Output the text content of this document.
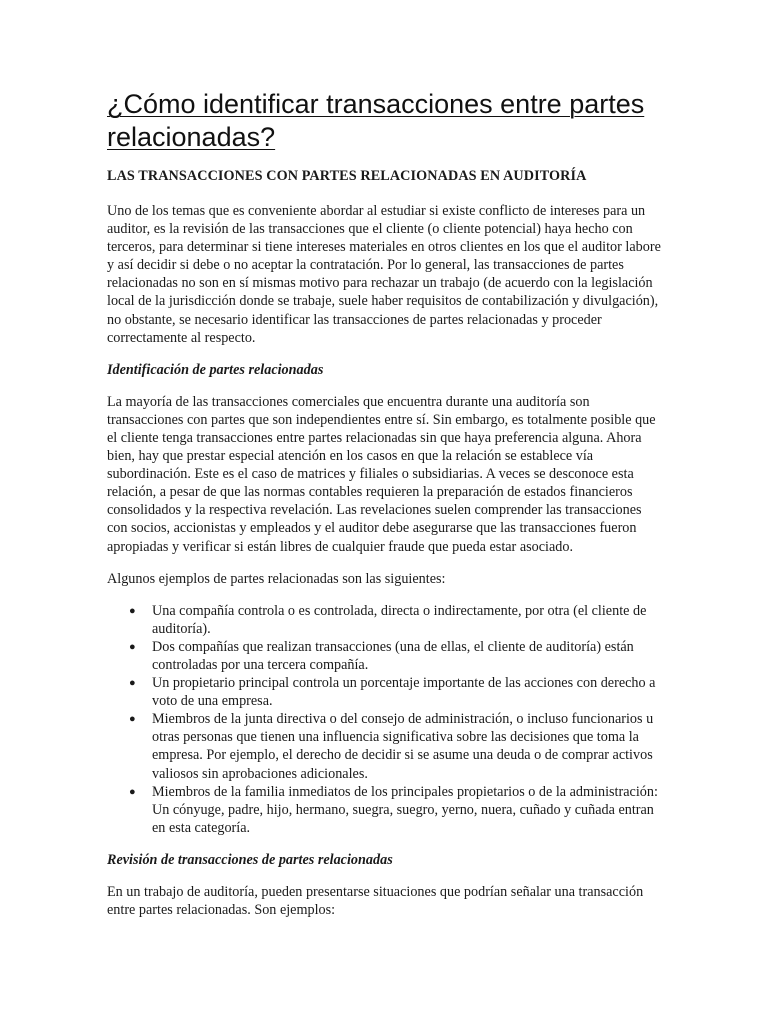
¿Cómo identificar transacciones entre partes relacionadas?
LAS TRANSACCIONES CON PARTES RELACIONADAS EN AUDITORÍA

Uno de los temas que es conveniente abordar al estudiar si existe conflicto de intereses para un auditor, es la revisión de las transacciones que el cliente (o cliente potencial) haya hecho con terceros, para determinar si tiene intereses materiales en otros clientes en los que el auditor labore y así decidir si debe o no aceptar la contratación. Por lo general, las transacciones de partes relacionadas no son en sí mismas motivo para rechazar un trabajo (de acuerdo con la legislación local de la jurisdicción donde se trabaje, suele haber requisitos de contabilización y divulgación), no obstante, se necesario identificar las transacciones de partes relacionadas y proceder correctamente al respecto.

Identificación de partes relacionadas

La mayoría de las transacciones comerciales que encuentra durante una auditoría son transacciones con partes que son independientes entre sí. Sin embargo, es totalmente posible que el cliente tenga transacciones entre partes relacionadas sin que haya preferencia alguna. Ahora bien, hay que prestar especial atención en los casos en que la relación se establece vía subordinación. Este es el caso de matrices y filiales o subsidiarias. A veces se desconoce esta relación, a pesar de que las normas contables requieren la preparación de estados financieros consolidados y la respectiva revelación. Las revelaciones suelen comprender las transacciones con socios, accionistas y empleados y el auditor debe asegurarse que las transacciones fueron apropiadas y verificar si están libres de cualquier fraude que pueda estar asociado.

Algunos ejemplos de partes relacionadas son las siguientes:

● Una compañía controla o es controlada, directa o indirectamente, por otra (el cliente de auditoría).
● Dos compañías que realizan transacciones (una de ellas, el cliente de auditoría) están controladas por una tercera compañía.
● Un propietario principal controla un porcentaje importante de las acciones con derecho a voto de una empresa.
● Miembros de la junta directiva o del consejo de administración, o incluso funcionarios u otras personas que tienen una influencia significativa sobre las decisiones que toma la empresa. Por ejemplo, el derecho de decidir si se asume una deuda o de comprar activos valiosos sin aprobaciones adicionales.
● Miembros de la familia inmediatos de los principales propietarios o de la administración: Un cónyuge, padre, hijo, hermano, suegra, suegro, yerno, nuera, cuñado y cuñada entran en esta categoría.
Revisión de transacciones de partes relacionadas

En un trabajo de auditoría, pueden presentarse situaciones que podrían señalar una transacción entre partes relacionadas. Son ejemplos:
